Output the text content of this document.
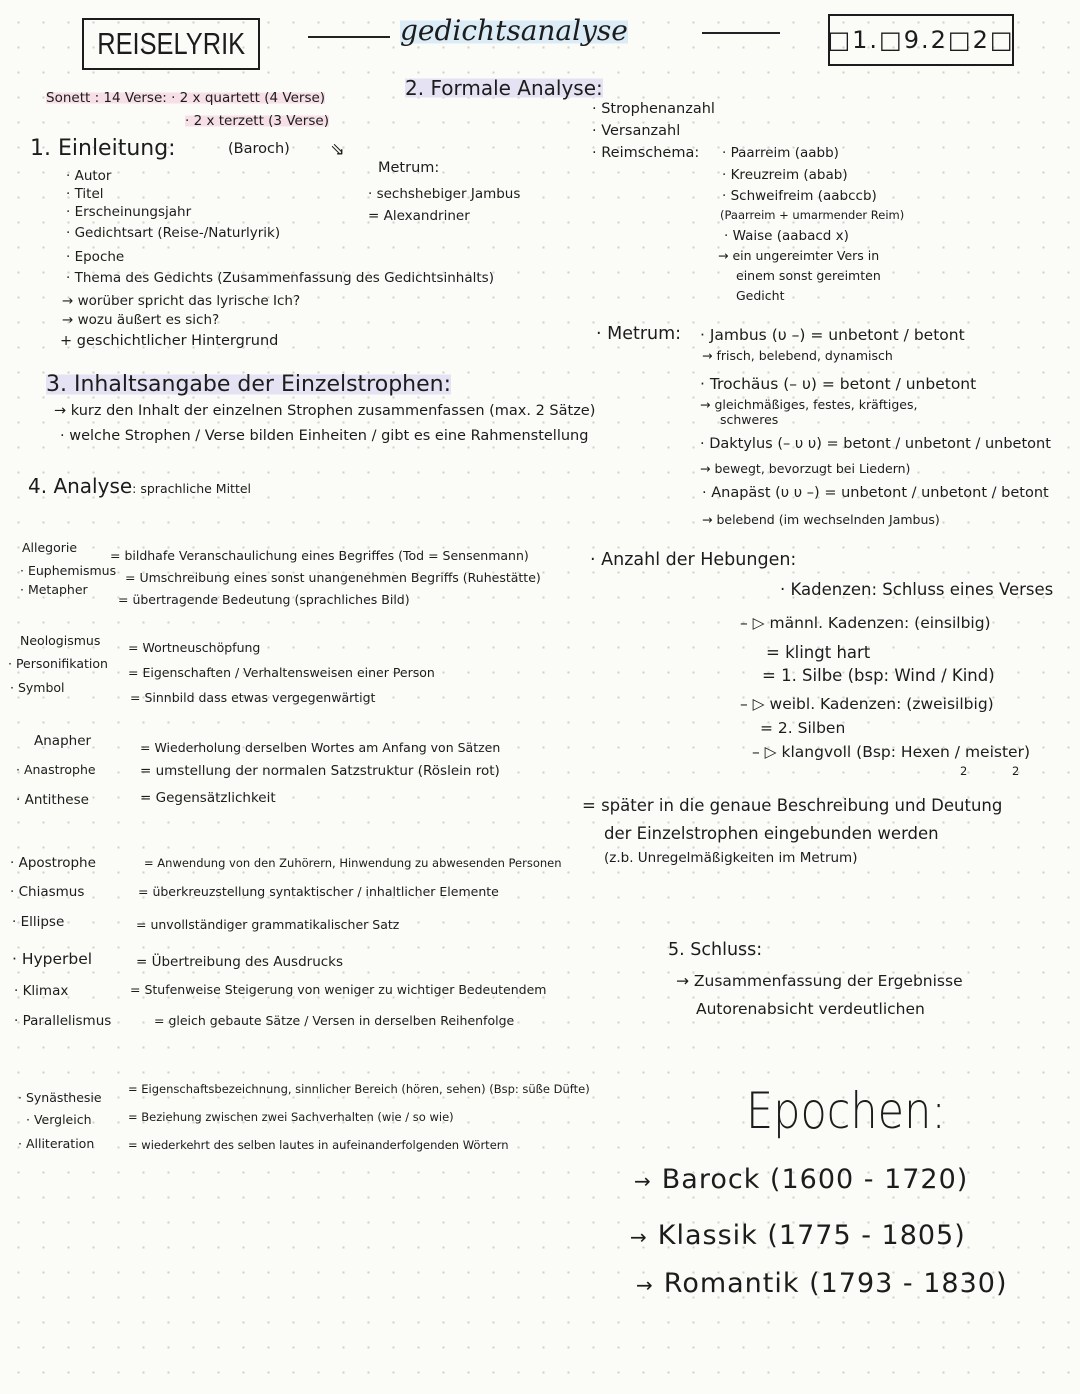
REISELYRIK	gedichtsanalyse	□1.□9.2□2□
Sonett : 14 Verse: · 2 x quartett (4 Verse)
· 2 x terzett (3 Verse)
(Baroch)
1. Einleitung:
· Autor
· Titel
· Erscheinungsjahr
· Gedichtsart (Reise-/Naturlyrik)
· Epoche
· Thema des Gedichts (Zusammenfassung des Gedichtsinhalts)
→ worüber spricht das lyrische Ich?
→ wozu äußert es sich?
+ geschichtlicher Hintergrund
⇘
Metrum:
· sechshebiger Jambus
= Alexandriner
2. Formale Analyse:
· Strophenanzahl
· Versanzahl
· Reimschema: · Paarreim (aabb)
· Kreuzreim (abab)
· Schweifreim (aabccb)
(Paarreim + umarmender Reim)
· Waise (aabacd x)
→ ein ungereimter Vers in
einem sonst gereimten
Gedicht
· Metrum: · Jambus (υ –) = unbetont / betont
→ frisch, belebend, dynamisch
· Trochäus (– υ) = betont / unbetont
→ gleichmäßiges, festes, kräftiges,
schweres
· Daktylus (– υ υ) = betont / unbetont / unbetont
→ bewegt, bevorzugt bei Liedern)
· Anapäst (υ υ –) = unbetont / unbetont / betont
→ belebend (im wechselnden Jambus)
3. Inhaltsangabe der Einzelstrophen:
→ kurz den Inhalt der einzelnen Strophen zusammenfassen (max. 2 Sätze)
· welche Strophen / Verse bilden Einheiten / gibt es eine Rahmenstellung
4. Analyse: sprachliche Mittel
Allegorie
= bildhafe Veranschaulichung eines Begriffes (Tod = Sensenmann)
· Euphemismus = Umschreibung eines sonst unangenehmen Begriffs (Ruhestätte)
· Metapher
= übertragende Bedeutung (sprachliches Bild)
Neologismus = Wortneuschöpfung
· Personifikation
= Eigenschaften / Verhaltensweisen einer Person
· Symbol
= Sinnbild dass etwas vergegenwärtigt
Anapher	= Wiederholung derselben Wortes am Anfang von Sätzen
· Anastrophe	= umstellung der normalen Satzstruktur (Röslein rot)
· Antithese	= Gegensätzlichkeit
· Apostrophe	= Anwendung von den Zuhörern, Hinwendung zu abwesenden Personen
· Chiasmus	= überkreuzstellung syntaktischer / inhaltlicher Elemente
· Ellipse	= unvollständiger grammatikalischer Satz
· Hyperbel	= Übertreibung des Ausdrucks
· Klimax	= Stufenweise Steigerung von weniger zu wichtiger Bedeutendem
· Parallelismus	= gleich gebaute Sätze / Versen in derselben Reihenfolge
· Synästhesie
= Eigenschaftsbezeichnung, sinnlicher Bereich (hören, sehen) (Bsp: süße Düfte)
· Vergleich	= Beziehung zwischen zwei Sachverhalten (wie / so wie)
· Alliteration	= wiederkehrt des selben lautes in aufeinanderfolgenden Wörtern
· Anzahl der Hebungen:
· Kadenzen: Schluss eines Verses
– ▷ männl. Kadenzen: (einsilbig)
= klingt hart
= 1. Silbe (bsp: Wind / Kind)
– ▷ weibl. Kadenzen: (zweisilbig)
= 2. Silben
– ▷ klangvoll (Bsp: Hexen / meister)
2	2
= später in die genaue Beschreibung und Deutung
der Einzelstrophen eingebunden werden
(z.b. Unregelmäßigkeiten im Metrum)
5. Schluss:
→ Zusammenfassung der Ergebnisse
Autorenabsicht verdeutlichen
Epochen:
→ Barock (1600 - 1720)
→ Klassik (1775 - 1805)
→ Romantik (1793 - 1830)
